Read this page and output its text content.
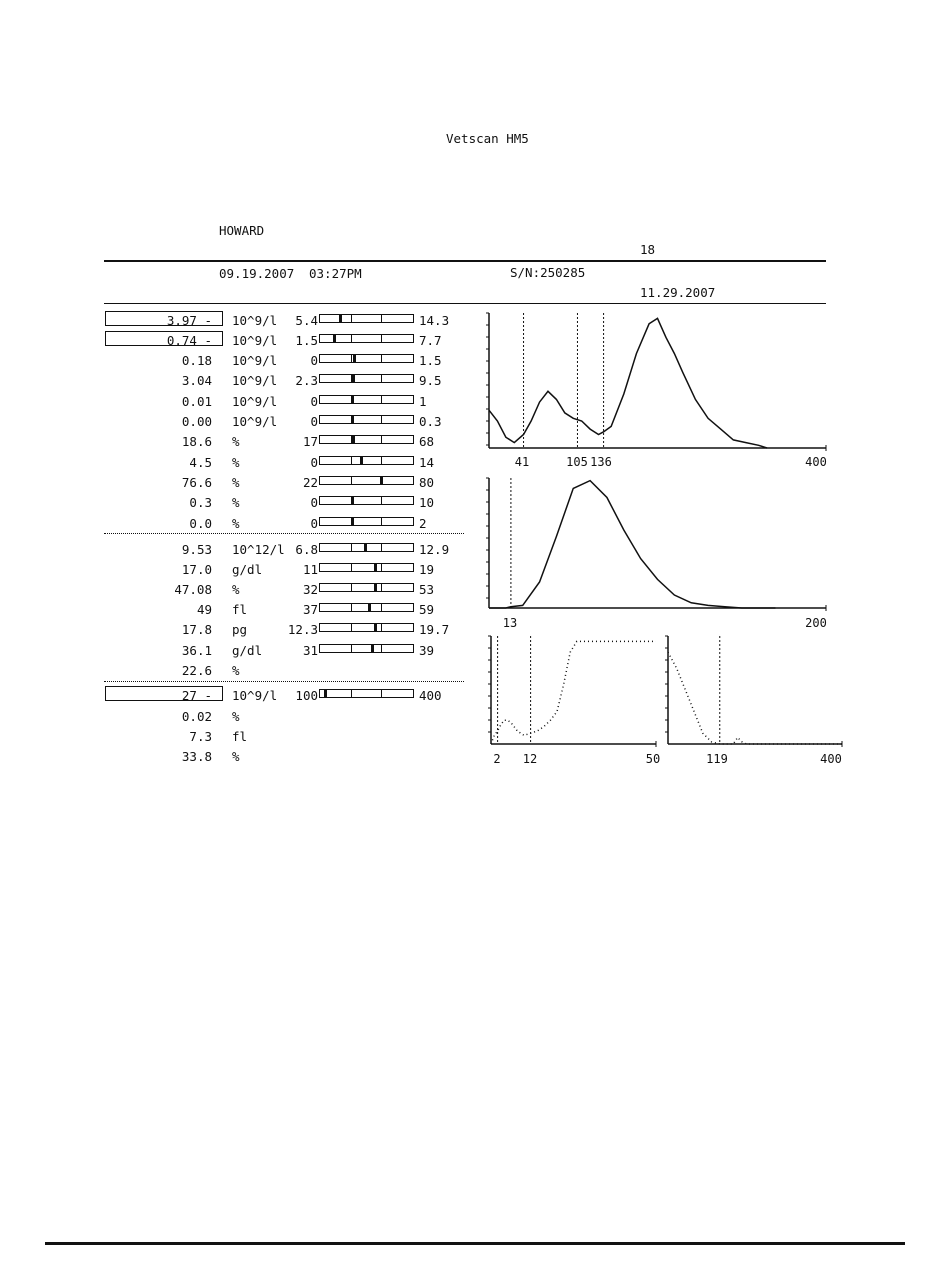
Vetscan HM5
HOWARD
18
09.19.2007 03:27PM	S/N:250285
11.29.2007
3.97 - 10^9/l 5.4	14.3
0.74 - 10^9/l 1.5	7.7
0.18 10^9/l	0	1.5
3.04 10^9/l 2.3	9.5
0.01 10^9/l	0	1
0.00 10^9/l	0	0.3
18.6 %	17	68
4.5 %	0	14
76.6 %	22	80
0.3 %	0	10
0.0 %	0	2
9.53 10^12/l 6.8	12.9
17.0 g/dl	11	19
47.08 %	32	53
49 fl	37	59
17.8 pg	12.3	19.7
36.1 g/dl	31	39
22.6 %
27 - 10^9/l 100	400
0.02 %
7.3 fl
33.8 %
41	105 136	400
13	200
2 12	50	119	400
